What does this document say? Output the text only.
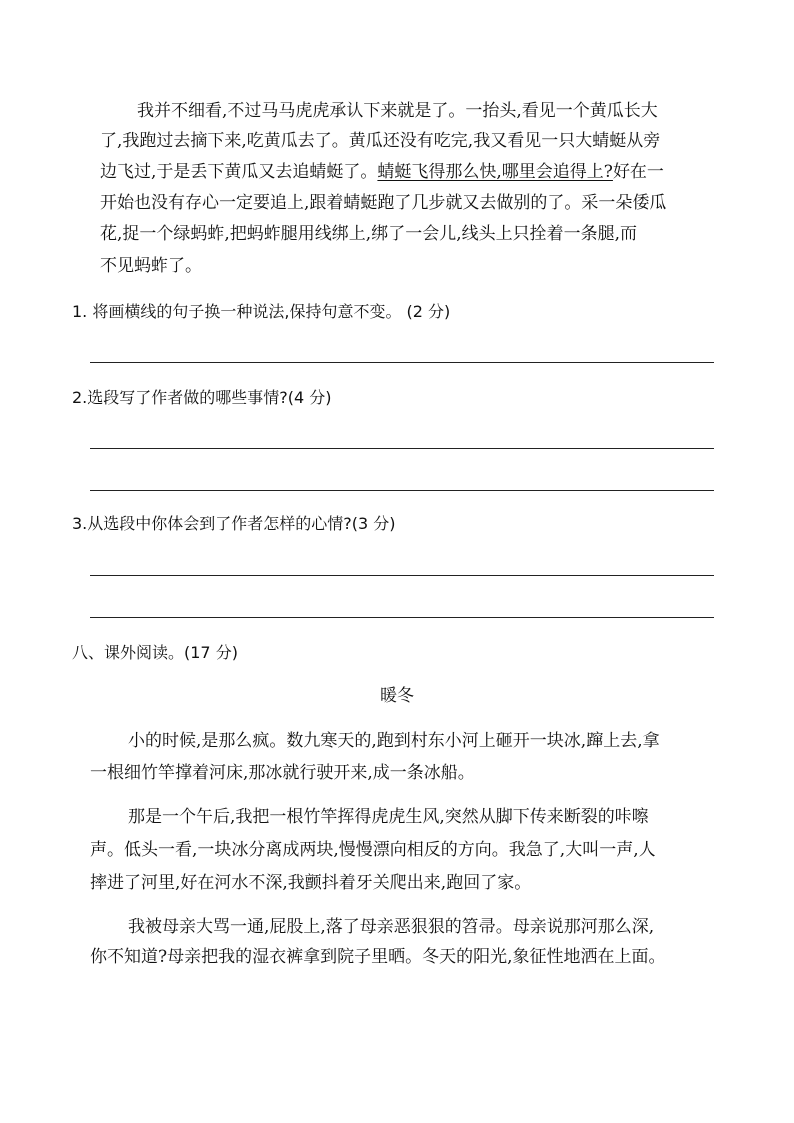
我并不细看,不过马马虎虎承认下来就是了。一抬头,看见一个黄瓜长大
了,我跑过去摘下来,吃黄瓜去了。黄瓜还没有吃完,我又看见一只大蜻蜓从旁
边飞过,于是丢下黄瓜又去追蜻蜓了。蜻蜓飞得那么快,哪里会追得上?好在一
开始也没有存心一定要追上,跟着蜻蜓跑了几步就又去做别的了。采一朵倭瓜
花,捉一个绿蚂蚱,把蚂蚱腿用线绑上,绑了一会儿,线头上只拴着一条腿,而
不见蚂蚱了。
1. 将画横线的句子换一种说法,保持句意不变。 (2 分)
2.选段写了作者做的哪些事情?(4 分)
3.从选段中你体会到了作者怎样的心情?(3 分)
八、课外阅读。(17 分)
暖冬
小的时候,是那么疯。数九寒天的,跑到村东小河上砸开一块冰,蹿上去,拿
一根细竹竿撑着河床,那冰就行驶开来,成一条冰船。
那是一个午后,我把一根竹竿挥得虎虎生风,突然从脚下传来断裂的咔嚓
声。低头一看,一块冰分离成两块,慢慢漂向相反的方向。我急了,大叫一声,人
摔进了河里,好在河水不深,我颤抖着牙关爬出来,跑回了家。
我被母亲大骂一通,屁股上,落了母亲恶狠狠的笤帚。母亲说那河那么深,
你不知道?母亲把我的湿衣裤拿到院子里晒。冬天的阳光,象征性地洒在上面。
